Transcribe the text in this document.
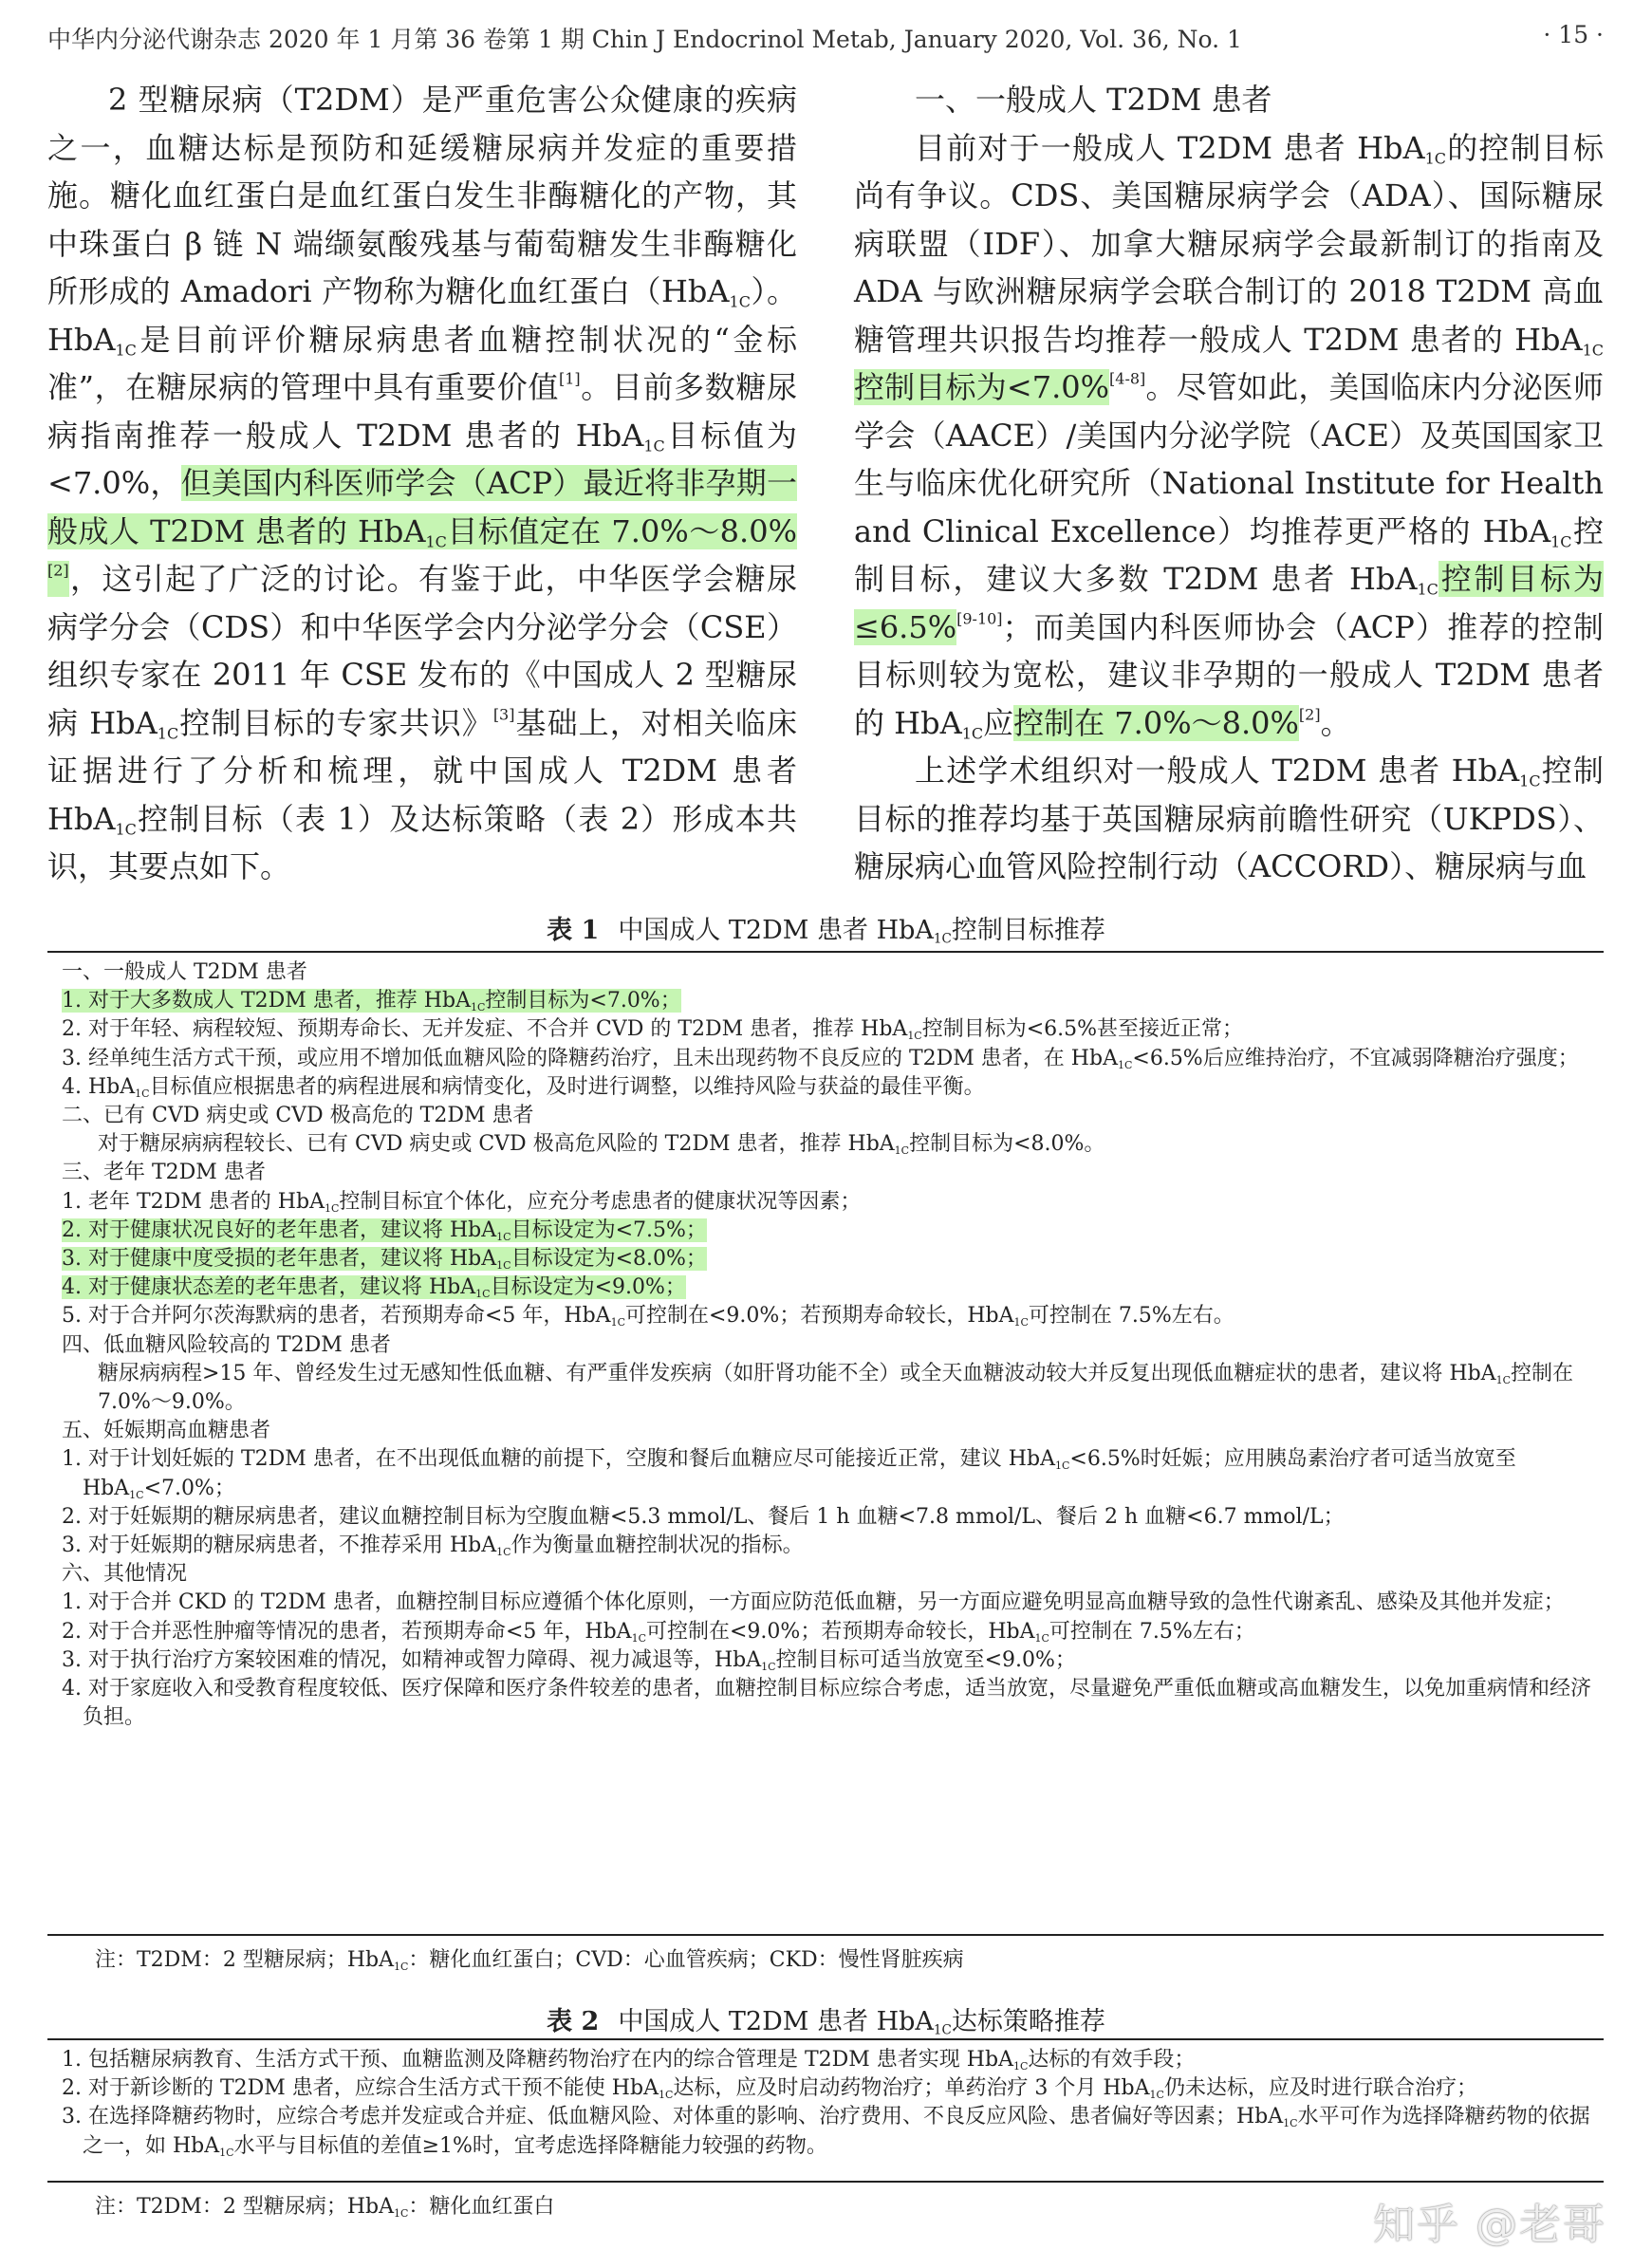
中华内分泌代谢杂志 2020 年 1 月第 36 卷第 1 期 Chin J Endocrinol Metab, January 2020, Vol. 36, No. 1	· 15 ·

2 型糖尿病（T2DM）是严重危害公众健康的疾病之一，血糖达标是预防和延缓糖尿病并发症的重要措施。糖化血红蛋白是血红蛋白发生非酶糖化的产物，其中珠蛋白 β 链 N 端缬氨酸残基与葡萄糖发生非酶糖化所形成的 Amadori 产物称为糖化血红蛋白（HbA$_{1C}$）。HbA$_{1C}$是目前评价糖尿病患者血糖控制状况的“金标准”，在糖尿病的管理中具有重要价值[1]。目前多数糖尿病指南推荐一般成人 T2DM 患者的 HbA$_{1C}$目标值为<7.0%，但美国内科医师学会（ACP）最近将非孕期一般成人 T2DM 患者的 HbA$_{1C}$目标值定在 7.0%～8.0%[2]，这引起了广泛的讨论。有鉴于此，中华医学会糖尿病学分会（CDS）和中华医学会内分泌学分会（CSE）组织专家在 2011 年 CSE 发布的《中国成人 2 型糖尿病 HbA$_{1C}$控制目标的专家共识》[3]基础上，对相关临床证据进行了分析和梳理，就中国成人 T2DM 患者 HbA$_{1C}$控制目标（表 1）及达标策略（表 2）形成本共识，其要点如下。

一、一般成人 T2DM 患者

目前对于一般成人 T2DM 患者 HbA$_{1C}$的控制目标尚有争议。CDS、美国糖尿病学会（ADA）、国际糖尿病联盟（IDF）、加拿大糖尿病学会最新制订的指南及 ADA 与欧洲糖尿病学会联合制订的 2018 T2DM 高血糖管理共识报告均推荐一般成人 T2DM 患者的 HbA$_{1C}$控制目标为<7.0%[4-8]。尽管如此，美国临床内分泌医师学会（AACE）/美国内分泌学院（ACE）及英国国家卫生与临床优化研究所（National Institute for Health and Clinical Excellence）均推荐更严格的 HbA$_{1C}$控制目标，建议大多数 T2DM 患者 HbA$_{1C}$控制目标为≤6.5%[9-10]；而美国内科医师协会（ACP）推荐的控制目标则较为宽松，建议非孕期的一般成人 T2DM 患者的 HbA$_{1C}$应控制在 7.0%～8.0%[2]。

上述学术组织对一般成人 T2DM 患者 HbA$_{1C}$控制目标的推荐均基于英国糖尿病前瞻性研究（UKPDS）、糖尿病心血管风险控制行动（ACCORD）、糖尿病与血

表 1 中国成人 T2DM 患者 HbA$_{1C}$控制目标推荐

一、一般成人 T2DM 患者

1. 对于大多数成人 T2DM 患者，推荐 HbA$_{1C}$控制目标为<7.0%；

2. 对于年轻、病程较短、预期寿命长、无并发症、不合并 CVD 的 T2DM 患者，推荐 HbA$_{1C}$控制目标为<6.5%甚至接近正常；

3. 经单纯生活方式干预，或应用不增加低血糖风险的降糖药治疗，且未出现药物不良反应的 T2DM 患者，在 HbA$_{1C}$<6.5%后应维持治疗，不宜减弱降糖治疗强度；

4. HbA$_{1C}$目标值应根据患者的病程进展和病情变化，及时进行调整，以维持风险与获益的最佳平衡。

二、已有 CVD 病史或 CVD 极高危的 T2DM 患者

对于糖尿病病程较长、已有 CVD 病史或 CVD 极高危风险的 T2DM 患者，推荐 HbA$_{1C}$控制目标为<8.0%。

三、老年 T2DM 患者

1. 老年 T2DM 患者的 HbA$_{1C}$控制目标宜个体化，应充分考虑患者的健康状况等因素；

2. 对于健康状况良好的老年患者，建议将 HbA$_{1C}$目标设定为<7.5%；

3. 对于健康中度受损的老年患者，建议将 HbA$_{1C}$目标设定为<8.0%；

4. 对于健康状态差的老年患者，建议将 HbA$_{1C}$目标设定为<9.0%；

5. 对于合并阿尔茨海默病的患者，若预期寿命<5 年，HbA$_{1C}$可控制在<9.0%；若预期寿命较长，HbA$_{1C}$可控制在 7.5%左右。

四、低血糖风险较高的 T2DM 患者

糖尿病病程>15 年、曾经发生过无感知性低血糖、有严重伴发疾病（如肝肾功能不全）或全天血糖波动较大并反复出现低血糖症状的患者，建议将 HbA$_{1C}$控制在 7.0%～9.0%。

五、妊娠期高血糖患者

1. 对于计划妊娠的 T2DM 患者，在不出现低血糖的前提下，空腹和餐后血糖应尽可能接近正常，建议 HbA$_{1C}$<6.5%时妊娠；应用胰岛素治疗者可适当放宽至 HbA$_{1C}$<7.0%；

2. 对于妊娠期的糖尿病患者，建议血糖控制目标为空腹血糖<5.3 mmol/L、餐后 1 h 血糖<7.8 mmol/L、餐后 2 h 血糖<6.7 mmol/L；

3. 对于妊娠期的糖尿病患者，不推荐采用 HbA$_{1C}$作为衡量血糖控制状况的指标。

六、其他情况

1. 对于合并 CKD 的 T2DM 患者，血糖控制目标应遵循个体化原则，一方面应防范低血糖，另一方面应避免明显高血糖导致的急性代谢紊乱、感染及其他并发症；

2. 对于合并恶性肿瘤等情况的患者，若预期寿命<5 年，HbA$_{1C}$可控制在<9.0%；若预期寿命较长，HbA$_{1C}$可控制在 7.5%左右；

3. 对于执行治疗方案较困难的情况，如精神或智力障碍、视力减退等，HbA$_{1C}$控制目标可适当放宽至<9.0%；

4. 对于家庭收入和受教育程度较低、医疗保障和医疗条件较差的患者，血糖控制目标应综合考虑，适当放宽，尽量避免严重低血糖或高血糖发生，以免加重病情和经济负担。

注：T2DM：2 型糖尿病；HbA$_{1C}$：糖化血红蛋白；CVD：心血管疾病；CKD：慢性肾脏疾病
表 2 中国成人 T2DM 患者 HbA$_{1C}$达标策略推荐

1. 包括糖尿病教育、生活方式干预、血糖监测及降糖药物治疗在内的综合管理是 T2DM 患者实现 HbA$_{1C}$达标的有效手段；

2. 对于新诊断的 T2DM 患者，应综合生活方式干预不能使 HbA$_{1C}$达标，应及时启动药物治疗；单药治疗 3 个月 HbA$_{1C}$仍未达标，应及时进行联合治疗；

3. 在选择降糖药物时，应综合考虑并发症或合并症、低血糖风险、对体重的影响、治疗费用、不良反应风险、患者偏好等因素；HbA$_{1C}$水平可作为选择降糖药物的依据之一，如 HbA$_{1C}$水平与目标值的差值≥1%时，宜考虑选择降糖能力较强的药物。

注：T2DM：2 型糖尿病；HbA$_{1C}$：糖化血红蛋白	知乎 @老哥
